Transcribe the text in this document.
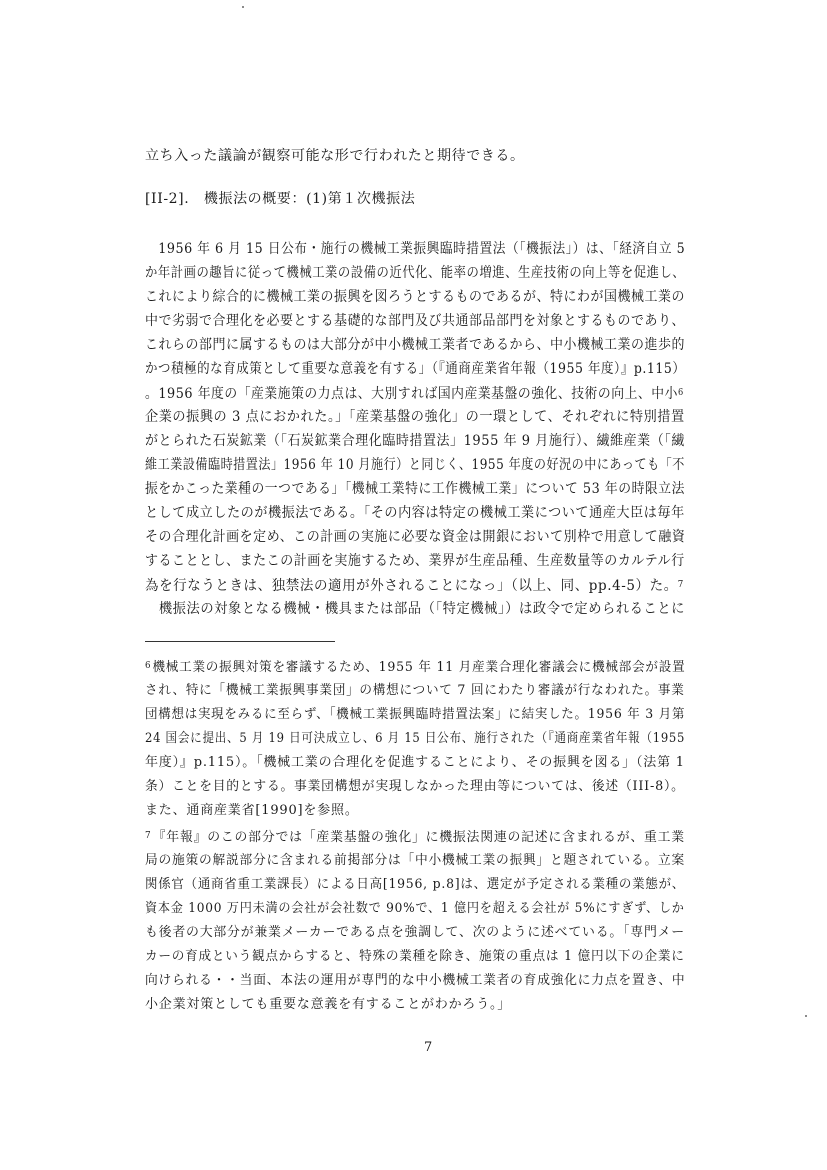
立ち入った議論が観察可能な形で行われたと期待できる。
[II-2].　機振法の概要：(1)第１次機振法
　1956 年 6 月 15 日公布・施行の機械工業振興臨時措置法（「機振法」）は、「経済自立 5
か年計画の趣旨に従って機械工業の設備の近代化、能率の増進、生産技術の向上等を促進し、
これにより綜合的に機械工業の振興を図ろうとするものであるが、特にわが国機械工業の
中で劣弱で合理化を必要とする基礎的な部門及び共通部品部門を対象とするものであり、
これらの部門に属するものは大部分が中小機械工業者であるから、中小機械工業の進歩的
かつ積極的な育成策として重要な意義を有する」（『通商産業省年報（1955 年度）』p.115）
。1956 年度の「産業施策の力点は、大別すれば国内産業基盤の強化、技術の向上、中小$^6$
企業の振興の 3 点におかれた。」「産業基盤の強化」の一環として、それぞれに特別措置
がとられた石炭鉱業（「石炭鉱業合理化臨時措置法」1955 年 9 月施行）、繊維産業（「繊
維工業設備臨時措置法」1956 年 10 月施行）と同じく、1955 年度の好況の中にあっても「不
振をかこった業種の一つである」「機械工業特に工作機械工業」について 53 年の時限立法
として成立したのが機振法である。「その内容は特定の機械工業について通産大臣は毎年
その合理化計画を定め、この計画の実施に必要な資金は開銀において別枠で用意して融資
することとし、またこの計画を実施するため、業界が生産品種、生産数量等のカルテル行
為を行なうときは、独禁法の適用が外されることになっ」（以上、同、pp.4-5）た。$^7$
　機振法の対象となる機械・機具または部品（「特定機械」）は政令で定められることに
$^6$ 機械工業の振興対策を審議するため、1955 年 11 月産業合理化審議会に機械部会が設置
され、特に「機械工業振興事業団」の構想について 7 回にわたり審議が行なわれた。事業
団構想は実現をみるに至らず、「機械工業振興臨時措置法案」に結実した。1956 年 3 月第
24 国会に提出、5 月 19 日可決成立し、6 月 15 日公布、施行された（『通商産業省年報（1955
年度）』p.115）。「機械工業の合理化を促進することにより、その振興を図る」（法第 1
条）ことを目的とする。事業団構想が実現しなかった理由等については、後述（III-8）。
また、通商産業省[1990]を参照。
$^7$ 『年報』のこの部分では「産業基盤の強化」に機振法関連の記述に含まれるが、重工業
局の施策の解説部分に含まれる前掲部分は「中小機械工業の振興」と題されている。立案
関係官（通商省重工業課長）による日高[1956, p.8]は、選定が予定される業種の業態が、
資本金 1000 万円未満の会社が会社数で 90%で、1 億円を超える会社が 5%にすぎず、しか
も後者の大部分が兼業メーカーである点を強調して、次のように述べている。「専門メー
カーの育成という観点からすると、特殊の業種を除き、施策の重点は 1 億円以下の企業に
向けられる・・当面、本法の運用が専門的な中小機械工業者の育成強化に力点を置き、中
小企業対策としても重要な意義を有することがわかろう。」
7
